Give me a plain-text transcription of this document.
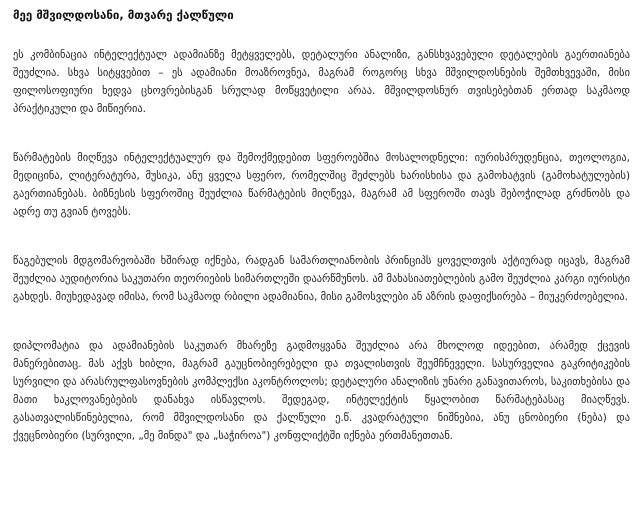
მეე მშვილდოსანი, მთვარე ქალწული

ეს კომბინაცია ინტელექტუალ ადამიანზე მეტყველებს, დეტალური ანალიზი, განსხვავებული დეტალების გაერთიანება შეუძლია. სხვა სიტყვებით – ეს ადამიანი მოაზროვნეა, მაგრამ როგორც სხვა მშვილდოსნების შემთხვევაში, მისი ფილოსოფიური ხედვა ცხოვრებისგან სრულად მოწყვეტილი არაა. მშვილდოსნურ თვისებებთან ერთად საკმაოდ პრაქტიკული და მიწიერია.

წარმატების მიღწევა ინტელექტუალურ და შემოქმედებით სფეროებშია მოსალოდნელი: იურისპრუდენცია, თეოლოგია, მედიცინა, ლიტერატურა, მუსიკა, ანუ ყველა სფერო, რომელშიც შეძლებს ხარისხისა და გამოხატვის (გამოხატულების) გაერთიანებას. ბიზნესის სფეროშიც შეუძლია წარმატების მიღწევა, მაგრამ ამ სფეროში თავს შებოჭილად გრძნობს და ადრე თუ გვიან ტოვებს.

წაგებულის მდგომარეობაში ხშირად იქნება, რადგან სამართლიანობის პრინციპს ყოველთვის აქტიურად იცავს, მაგრამ შეუძლია აუდიტორია საკუთარი თეორიების სიმართლეში დაარწმუნოს. ამ მახასიათებლების გამო შეუძლია კარგი იურისტი გახდეს. მიუხედავად იმისა, რომ საკმაოდ რბილი ადამიანია, მისი გამოსვლები ან აზრის დაფიქსირება – მიუკერძოებელია.

დიპლომატია და ადამიანების საკუთარ მხარეზე გადმოყვანა შეუძლია არა მხოლოდ იდეებით, არამედ ქცევის მანერებითაც. მას აქვს ხიბლი, მაგრამ გაუცნობიერებელი და თვალისთვის შეუმჩნეველი. სასურველია გაკრიტიკების სურვილი და არასრულფასოვნების კომპლექსი აკონტროლოს; დეტალური ანალიზის უნარი განავითაროს, საკითხებისა და მათი ხაკლოვანებების დანახვა ისწავლოს. შედეგად, ინტელექტის წყალობით წარმატებასაც მიაღწევს. გასათვალისწინებელია, რომ მშვილდოსანი და ქალწული ე.წ. კვადრატული ნიშნებია, ანუ ცნობიერი (ნება) და ქვეცნობიერი (სურვილი, „მე მინდა" და „საჭიროა") კონფლიქტში იქნება ერთმანეთთან.
